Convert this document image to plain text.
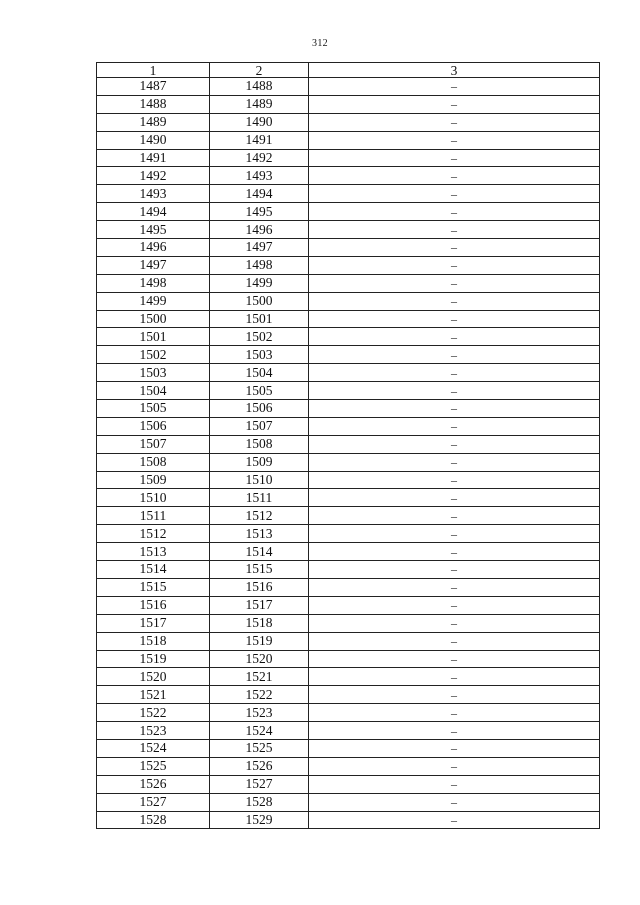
312
1	2	3
1487	1488	–
1488	1489	–
1489	1490	–
1490	1491	–
1491	1492	–
1492	1493	–
1493	1494	–
1494	1495	–
1495	1496	–
1496	1497	–
1497	1498	–
1498	1499	–
1499	1500	–
1500	1501	–
1501	1502	–
1502	1503	–
1503	1504	–
1504	1505	–
1505	1506	–
1506	1507	–
1507	1508	–
1508	1509	–
1509	1510	–
1510	1511	–
1511	1512	–
1512	1513	–
1513	1514	–
1514	1515	–
1515	1516	–
1516	1517	–
1517	1518	–
1518	1519	–
1519	1520	–
1520	1521	–
1521	1522	–
1522	1523	–
1523	1524	–
1524	1525	–
1525	1526	–
1526	1527	–
1527	1528	–
1528	1529	–
